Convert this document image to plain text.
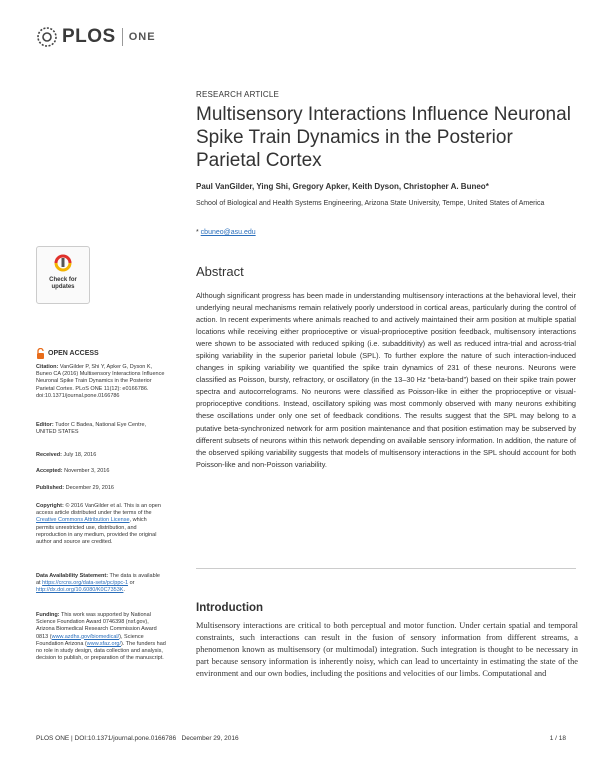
PLOS ONE
RESEARCH ARTICLE
Multisensory Interactions Influence Neuronal Spike Train Dynamics in the Posterior Parietal Cortex
Paul VanGilder, Ying Shi, Gregory Apker, Keith Dyson, Christopher A. Buneo*
School of Biological and Health Systems Engineering, Arizona State University, Tempe, United States of America
* cbuneo@asu.edu
Check for
updates
OPEN ACCESS
Citation: VanGilder P, Shi Y, Apker G, Dyson K, Buneo CA (2016) Multisensory Interactions Influence Neuronal Spike Train Dynamics in the Posterior Parietal Cortex. PLoS ONE 11(12): e0166786. doi:10.1371/journal.pone.0166786
Editor: Tudor C Badea, National Eye Centre, UNITED STATES
Received: July 18, 2016
Accepted: November 3, 2016
Published: December 29, 2016
Copyright: © 2016 VanGilder et al. This is an open access article distributed under the terms of the Creative Commons Attribution License, which permits unrestricted use, distribution, and reproduction in any medium, provided the original author and source are credited.
Data Availability Statement: The data is available at https://crcns.org/data-sets/pc/ppc-1 or http://dx.doi.org/10.6080/K0C7353K.
Funding: This work was supported by National Science Foundation Award 0746398 (nsf.gov), Arizona Biomedical Research Commission Award 0813 (www.azdhs.gov/biomedical/), Science Foundation Arizona (www.sfaz.org/). The funders had no role in study design, data collection and analysis, decision to publish, or preparation of the manuscript.
Abstract
Although significant progress has been made in understanding multisensory interactions at the behavioral level, their underlying neural mechanisms remain relatively poorly understood in cortical areas, particularly during the control of action. In recent experiments where animals reached to and actively maintained their arm position at multiple spatial locations while receiving either proprioceptive or visual-proprioceptive position feedback, multisensory interactions were shown to be associated with reduced spiking (i.e. subadditivity) as well as reduced intra-trial and across-trial spiking variability in the superior parietal lobule (SPL). To further explore the nature of such interaction-induced changes in spiking variability we quantified the spike train dynamics of 231 of these neurons. Neurons were classified as Poisson, bursty, refractory, or oscillatory (in the 13–30 Hz “beta-band”) based on their spike train power spectra and autocorrelograms. No neurons were classified as Poisson-like in either the proprioceptive or visual-proprioceptive conditions. Instead, oscillatory spiking was most commonly observed with many neurons exhibiting these oscillations under only one set of feedback conditions. The results suggest that the SPL may belong to a putative beta-synchronized network for arm position maintenance and that position estimation may be subserved by different subsets of neurons within this network depending on available sensory information. In addition, the nature of the observed spiking variability suggests that models of multisensory interactions in the SPL should account for both Poisson-like and non-Poisson variability.
Introduction
Multisensory interactions are critical to both perceptual and motor function. Under certain spatial and temporal constraints, such interactions can result in the fusion of sensory information from different streams, a phenomenon known as multisensory (or multimodal) integration. Such integration is thought to be necessary in part because sensory information is inherently noisy, which can lead to uncertainty in estimating the state of the environment and our own bodies, including the positions and velocities of our limbs. Computational and
PLOS ONE | DOI:10.1371/journal.pone.0166786   December 29, 2016	1 / 18
